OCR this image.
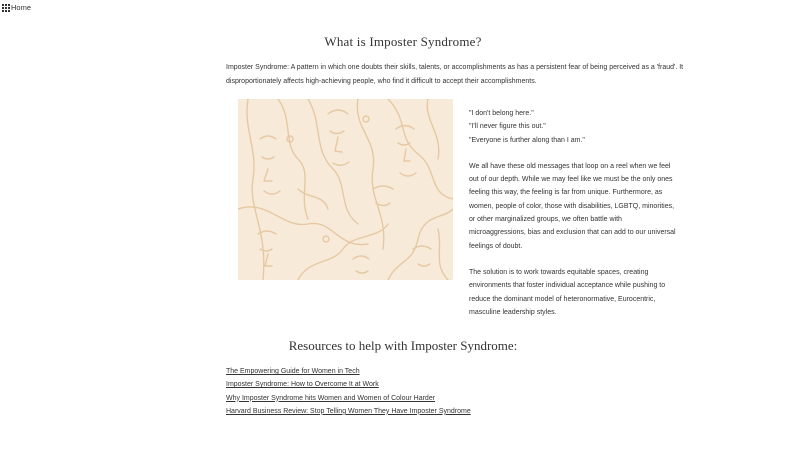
Home
What is Imposter Syndrome?
Imposter Syndrome: A pattern in which one doubts their skills, talents, or accomplishments as has a persistent fear of being perceived as a 'fraud'. It disproportionately affects high-achieving people, who find it difficult to accept their accomplishments.
"I don't belong here."
"I'll never figure this out."
"Everyone is further along than I am."

We all have these old messages that loop on a reel when we feel out of our depth. While we may feel like we must be the only ones feeling this way, the feeling is far from unique. Furthermore, as women, people of color, those with disabilities, LGBTQ, minorities, or other marginalized groups, we often battle with microaggressions, bias and exclusion that can add to our universal feelings of doubt.

The solution is to work towards equitable spaces, creating environments that foster individual acceptance while pushing to reduce the dominant model of heteronormative, Eurocentric, masculine leadership styles.

Resources to help with Imposter Syndrome:
The Empowering Guide for Women in Tech
Imposter Syndrome: How to Overcome It at Work
Why Imposter Syndrome hits Women and Women of Colour Harder
Harvard Business Review: Stop Telling Women They Have Imposter Syndrome
